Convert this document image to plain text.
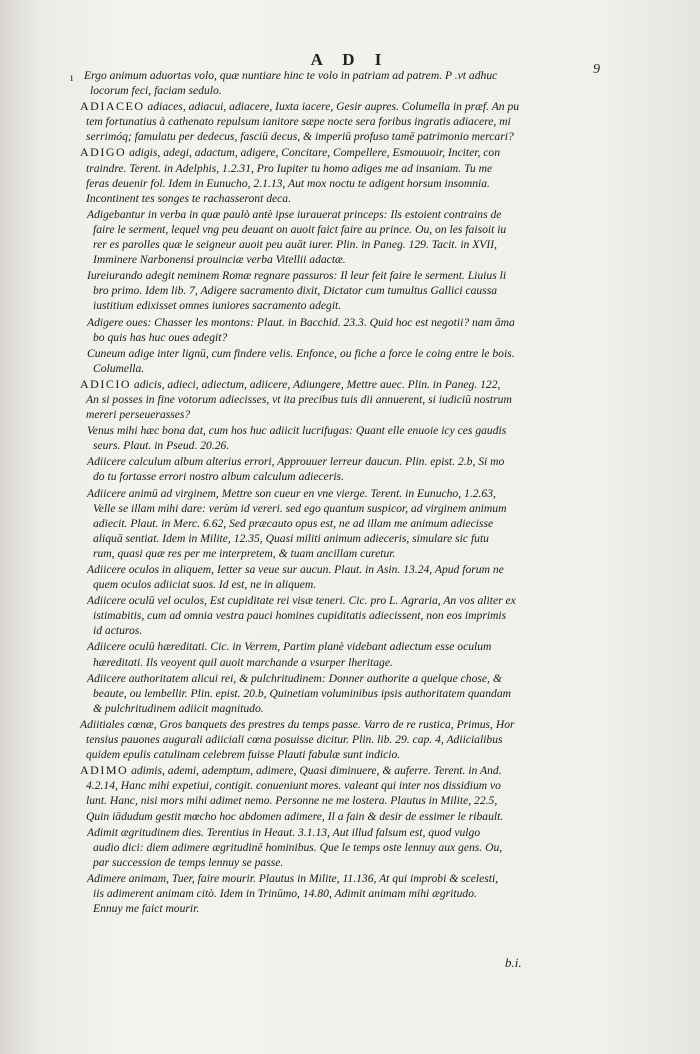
A D I
9
ı Ergo animum aduortas volo, quæ nuntiare hinc te volo in patriam ad patrem. P .vt adhuc
locorum feci, faciam sedulo.
ADIACEO adiaces, adiacui, adiacere, Iuxta iacere, Gesir aupres. Columella in præf. An pu
tem fortunatius à cathenato repulsum ianitore sæpe nocte sera foribus ingratis adiacere, mi
serrimóq; famulatu per dedecus, fasciū decus, & imperiū profuso tamē patrimonio mercari?
ADIGO adigis, adegi, adactum, adigere, Concitare, Compellere, Esmouuoir, Inciter, con
traindre. Terent. in Adelphis, 1.2.31, Pro Iupiter tu homo adiges me ad insaniam. Tu me
feras deuenir fol. Idem in Eunucho, 2.1.13, Aut mox noctu te adigent horsum insomnia.
Incontinent tes songes te rachasseront deca.
Adigebantur in verba in quæ paulò antè ipse iurauerat princeps: Ils estoient contrains de
faire le serment, lequel vng peu deuant on auoit faict faire au prince. Ou, on les faisoit iu
rer es parolles quæ le seigneur auoit peu auāt iurer. Plin. in Paneg. 129. Tacit. in XVII,
Imminere Narbonensi prouinciæ verba Vitellii adactæ.
Iureiurando adegit neminem Romæ regnare passuros: Il leur feit faire le serment. Liuius li
bro primo. Idem lib. 7, Adigere sacramento dixit, Dictator cum tumultus Gallici caussa
iustitium edixisset omnes iuniores sacramento adegit.
Adigere oues: Chasser les montons: Plaut. in Bacchid. 23.3. Quid hoc est negotii? nam āma
bo quis has huc oues adegit?
Cuneum adige inter lignū, cum findere velis. Enfonce, ou fiche a force le coing entre le bois.
Columella.
ADICIO adicis, adieci, adiectum, adiicere, Adiungere, Mettre auec. Plin. in Paneg. 122,
An si posses in fine votorum adiecisses, vt ita precibus tuis dii annuerent, si iudiciū nostrum
mereri perseuerasses?
Venus mihi hæc bona dat, cum hos huc adiicit lucrifugas: Quant elle enuoie icy ces gaudis
seurs. Plaut. in Pseud. 20.26.
Adiicere calculum album alterius errori, Approuuer lerreur daucun. Plin. epist. 2.b, Si mo
do tu fortasse errori nostro album calculum adieceris.
Adiicere animū ad virginem, Mettre son cueur en vne vierge. Terent. in Eunucho, 1.2.63,
Velle se illam mihi dare: verùm id vereri. sed ego quantum suspicor, ad virginem animum
adiecit. Plaut. in Merc. 6.62, Sed præcauto opus est, ne ad illam me animum adiecisse
aliquā sentiat. Idem in Milite, 12.35, Quasi militi animum adieceris, simulare sic futu
rum, quasi quæ res per me interpretem, & tuam ancillam curetur.
Adiicere oculos in aliquem, Ietter sa veue sur aucun. Plaut. in Asin. 13.24, Apud forum ne
quem oculos adiiciat suos. Id est, ne in aliquem.
Adiicere oculū vel oculos, Est cupiditate rei visæ teneri. Cic. pro L. Agraria, An vos aliter ex
istimabitis, cum ad omnia vestra pauci homines cupiditatis adiecissent, non eos imprimis
id acturos.
Adiicere oculū hæreditati. Cic. in Verrem, Partim planè videbant adiectum esse oculum
hæreditati. Ils veoyent quil auoit marchande a vsurper lheritage.
Adiicere authoritatem alicui rei, & pulchritudinem: Donner authorite a quelque chose, &
beaute, ou lembellir. Plin. epist. 20.b, Quinetiam voluminibus ipsis authoritatem quandam
& pulchritudinem adiicit magnitudo.
Adiitiales cœnæ, Gros banquets des prestres du temps passe. Varro de re rustica, Primus, Hor
tensius pauones augurali adiiciali cœna posuisse dicitur. Plin. lib. 29. cap. 4, Adiicialibus
quidem epulis catulinam celebrem fuisse Plauti fabulæ sunt indicio.
ADIMO adimis, ademi, ademptum, adimere, Quasi diminuere, & auferre. Terent. in And.
4.2.14, Hanc mihi expetiui, contigit. conueniunt mores. valeant qui inter nos dissidium vo
lunt. Hanc, nisi mors mihi adimet nemo. Personne ne me lostera. Plautus in Milite, 22.5,
Quin iādudum gestit mœcho hoc abdomen adimere, Il a fain & desir de essimer le ribault.
Adimit ægritudinem dies. Terentius in Heaut. 3.1.13, Aut illud falsum est, quod vulgo
audio dici: diem adimere ægritudinē hominibus. Que le temps oste lennuy aux gens. Ou,
par succession de temps lennuy se passe.
Adimere animam, Tuer, faire mourir. Plautus in Milite, 11.136, At qui improbi & scelesti,
iis adimerent animam citò. Idem in Trinūmo, 14.80, Adimit animam mihi ægritudo.
Ennuy me faict mourir.
b.i.
